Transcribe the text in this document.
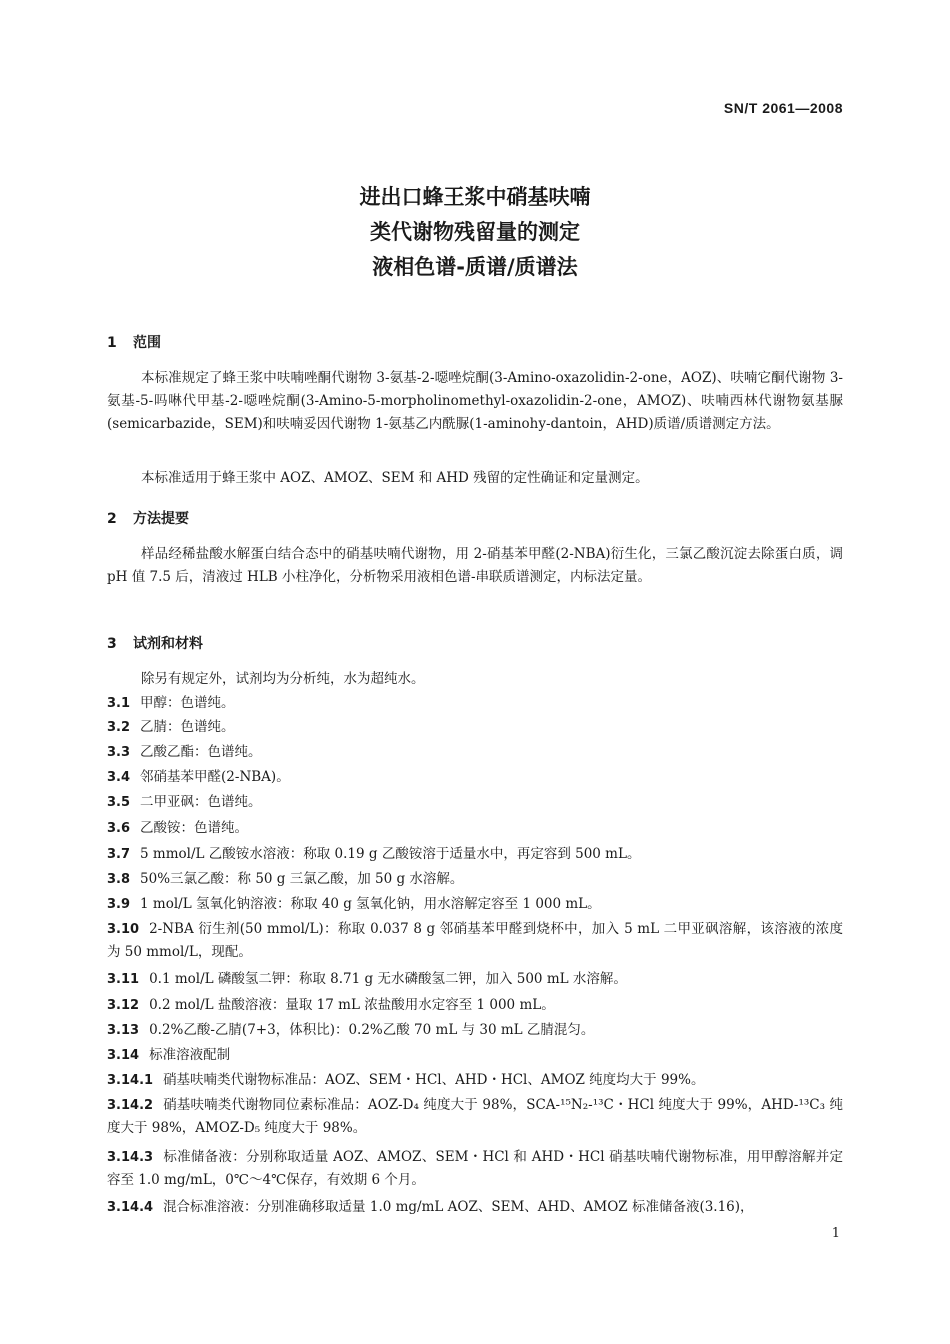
SN/T 2061—2008
进出口蜂王浆中硝基呋喃
类代谢物残留量的测定
液相色谱-质谱/质谱法
1 范围
本标准规定了蜂王浆中呋喃唑酮代谢物 3-氨基-2-噁唑烷酮(3-Amino-oxazolidin-2-one，AOZ)、呋喃它酮代谢物 3-氨基-5-吗啉代甲基-2-噁唑烷酮(3-Amino-5-morpholinomethyl-oxazolidin-2-one，AMOZ)、呋喃西林代谢物氨基脲(semicarbazide，SEM)和呋喃妥因代谢物 1-氨基乙内酰脲(1-aminohy-dantoin，AHD)质谱/质谱测定方法。
本标准适用于蜂王浆中 AOZ、AMOZ、SEM 和 AHD 残留的定性确证和定量测定。
2 方法提要
样品经稀盐酸水解蛋白结合态中的硝基呋喃代谢物，用 2-硝基苯甲醛(2-NBA)衍生化，三氯乙酸沉淀去除蛋白质，调 pH 值 7.5 后，清液过 HLB 小柱净化，分析物采用液相色谱-串联质谱测定，内标法定量。
3 试剂和材料
除另有规定外，试剂均为分析纯，水为超纯水。
3.1 甲醇：色谱纯。
3.2 乙腈：色谱纯。
3.3 乙酸乙酯：色谱纯。
3.4 邻硝基苯甲醛(2-NBA)。
3.5 二甲亚砜：色谱纯。
3.6 乙酸铵：色谱纯。
3.7 5 mmol/L 乙酸铵水溶液：称取 0.19 g 乙酸铵溶于适量水中，再定容到 500 mL。
3.8 50%三氯乙酸：称 50 g 三氯乙酸，加 50 g 水溶解。
3.9 1 mol/L 氢氧化钠溶液：称取 40 g 氢氧化钠，用水溶解定容至 1 000 mL。
3.10 2-NBA 衍生剂(50 mmol/L)：称取 0.037 8 g 邻硝基苯甲醛到烧杯中，加入 5 mL 二甲亚砜溶解，该溶液的浓度为 50 mmol/L，现配。
3.11 0.1 mol/L 磷酸氢二钾：称取 8.71 g 无水磷酸氢二钾，加入 500 mL 水溶解。
3.12 0.2 mol/L 盐酸溶液：量取 17 mL 浓盐酸用水定容至 1 000 mL。
3.13 0.2%乙酸-乙腈(7+3，体积比)：0.2%乙酸 70 mL 与 30 mL 乙腈混匀。
3.14 标准溶液配制
3.14.1 硝基呋喃类代谢物标准品：AOZ、SEM・HCl、AHD・HCl、AMOZ 纯度均大于 99%。
3.14.2 硝基呋喃类代谢物同位素标准品：AOZ-D₄ 纯度大于 98%，SCA-¹⁵N₂-¹³C・HCl 纯度大于 99%，AHD-¹³C₃ 纯度大于 98%，AMOZ-D₅ 纯度大于 98%。
3.14.3 标准储备液：分别称取适量 AOZ、AMOZ、SEM・HCl 和 AHD・HCl 硝基呋喃代谢物标准，用甲醇溶解并定容至 1.0 mg/mL，0℃～4℃保存，有效期 6 个月。
3.14.4 混合标准溶液：分别准确移取适量 1.0 mg/mL AOZ、SEM、AHD、AMOZ 标准储备液(3.16)，
1
